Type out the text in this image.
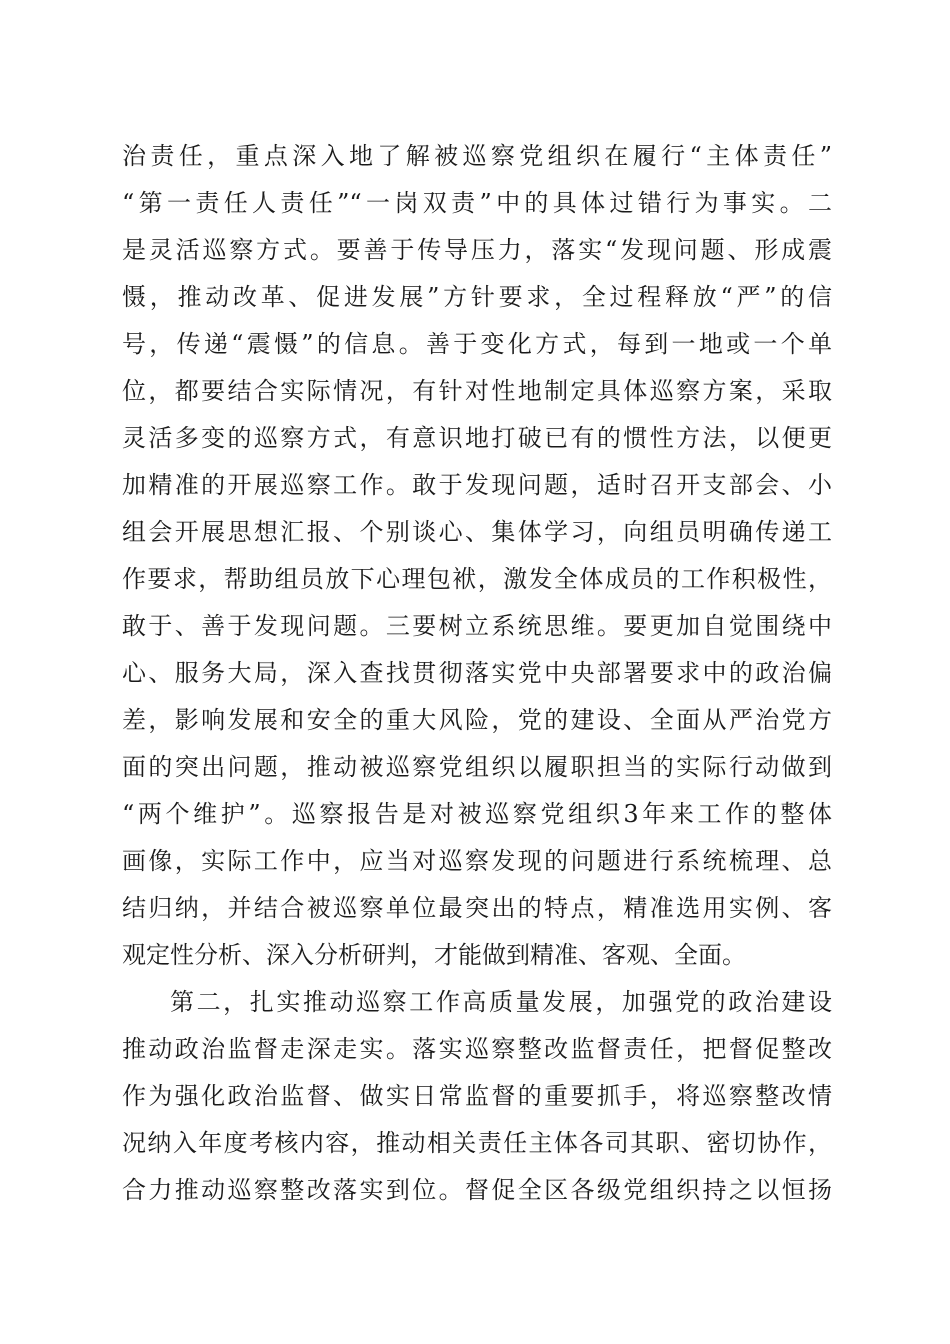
治责任，重点深入地了解被巡察党组织在履行“主体责任”
“第一责任人责任”“一岗双责”中的具体过错行为事实。二
是灵活巡察方式。要善于传导压力，落实“发现问题、形成震
慑，推动改革、促进发展”方针要求，全过程释放“严”的信
号，传递“震慑”的信息。善于变化方式，每到一地或一个单
位，都要结合实际情况，有针对性地制定具体巡察方案，采取
灵活多变的巡察方式，有意识地打破已有的惯性方法，以便更
加精准的开展巡察工作。敢于发现问题，适时召开支部会、小
组会开展思想汇报、个别谈心、集体学习，向组员明确传递工
作要求，帮助组员放下心理包袱，激发全体成员的工作积极性，
敢于、善于发现问题。三要树立系统思维。要更加自觉围绕中
心、服务大局，深入查找贯彻落实党中央部署要求中的政治偏
差，影响发展和安全的重大风险，党的建设、全面从严治党方
面的突出问题，推动被巡察党组织以履职担当的实际行动做到
“两个维护”。巡察报告是对被巡察党组织3年来工作的整体
画像，实际工作中，应当对巡察发现的问题进行系统梳理、总
结归纳，并结合被巡察单位最突出的特点，精准选用实例、客
观定性分析、深入分析研判，才能做到精准、客观、全面。
第二，扎实推动巡察工作高质量发展，加强党的政治建设
推动政治监督走深走实。落实巡察整改监督责任，把督促整改
作为强化政治监督、做实日常监督的重要抓手，将巡察整改情
况纳入年度考核内容，推动相关责任主体各司其职、密切协作，
合力推动巡察整改落实到位。督促全区各级党组织持之以恒扬
